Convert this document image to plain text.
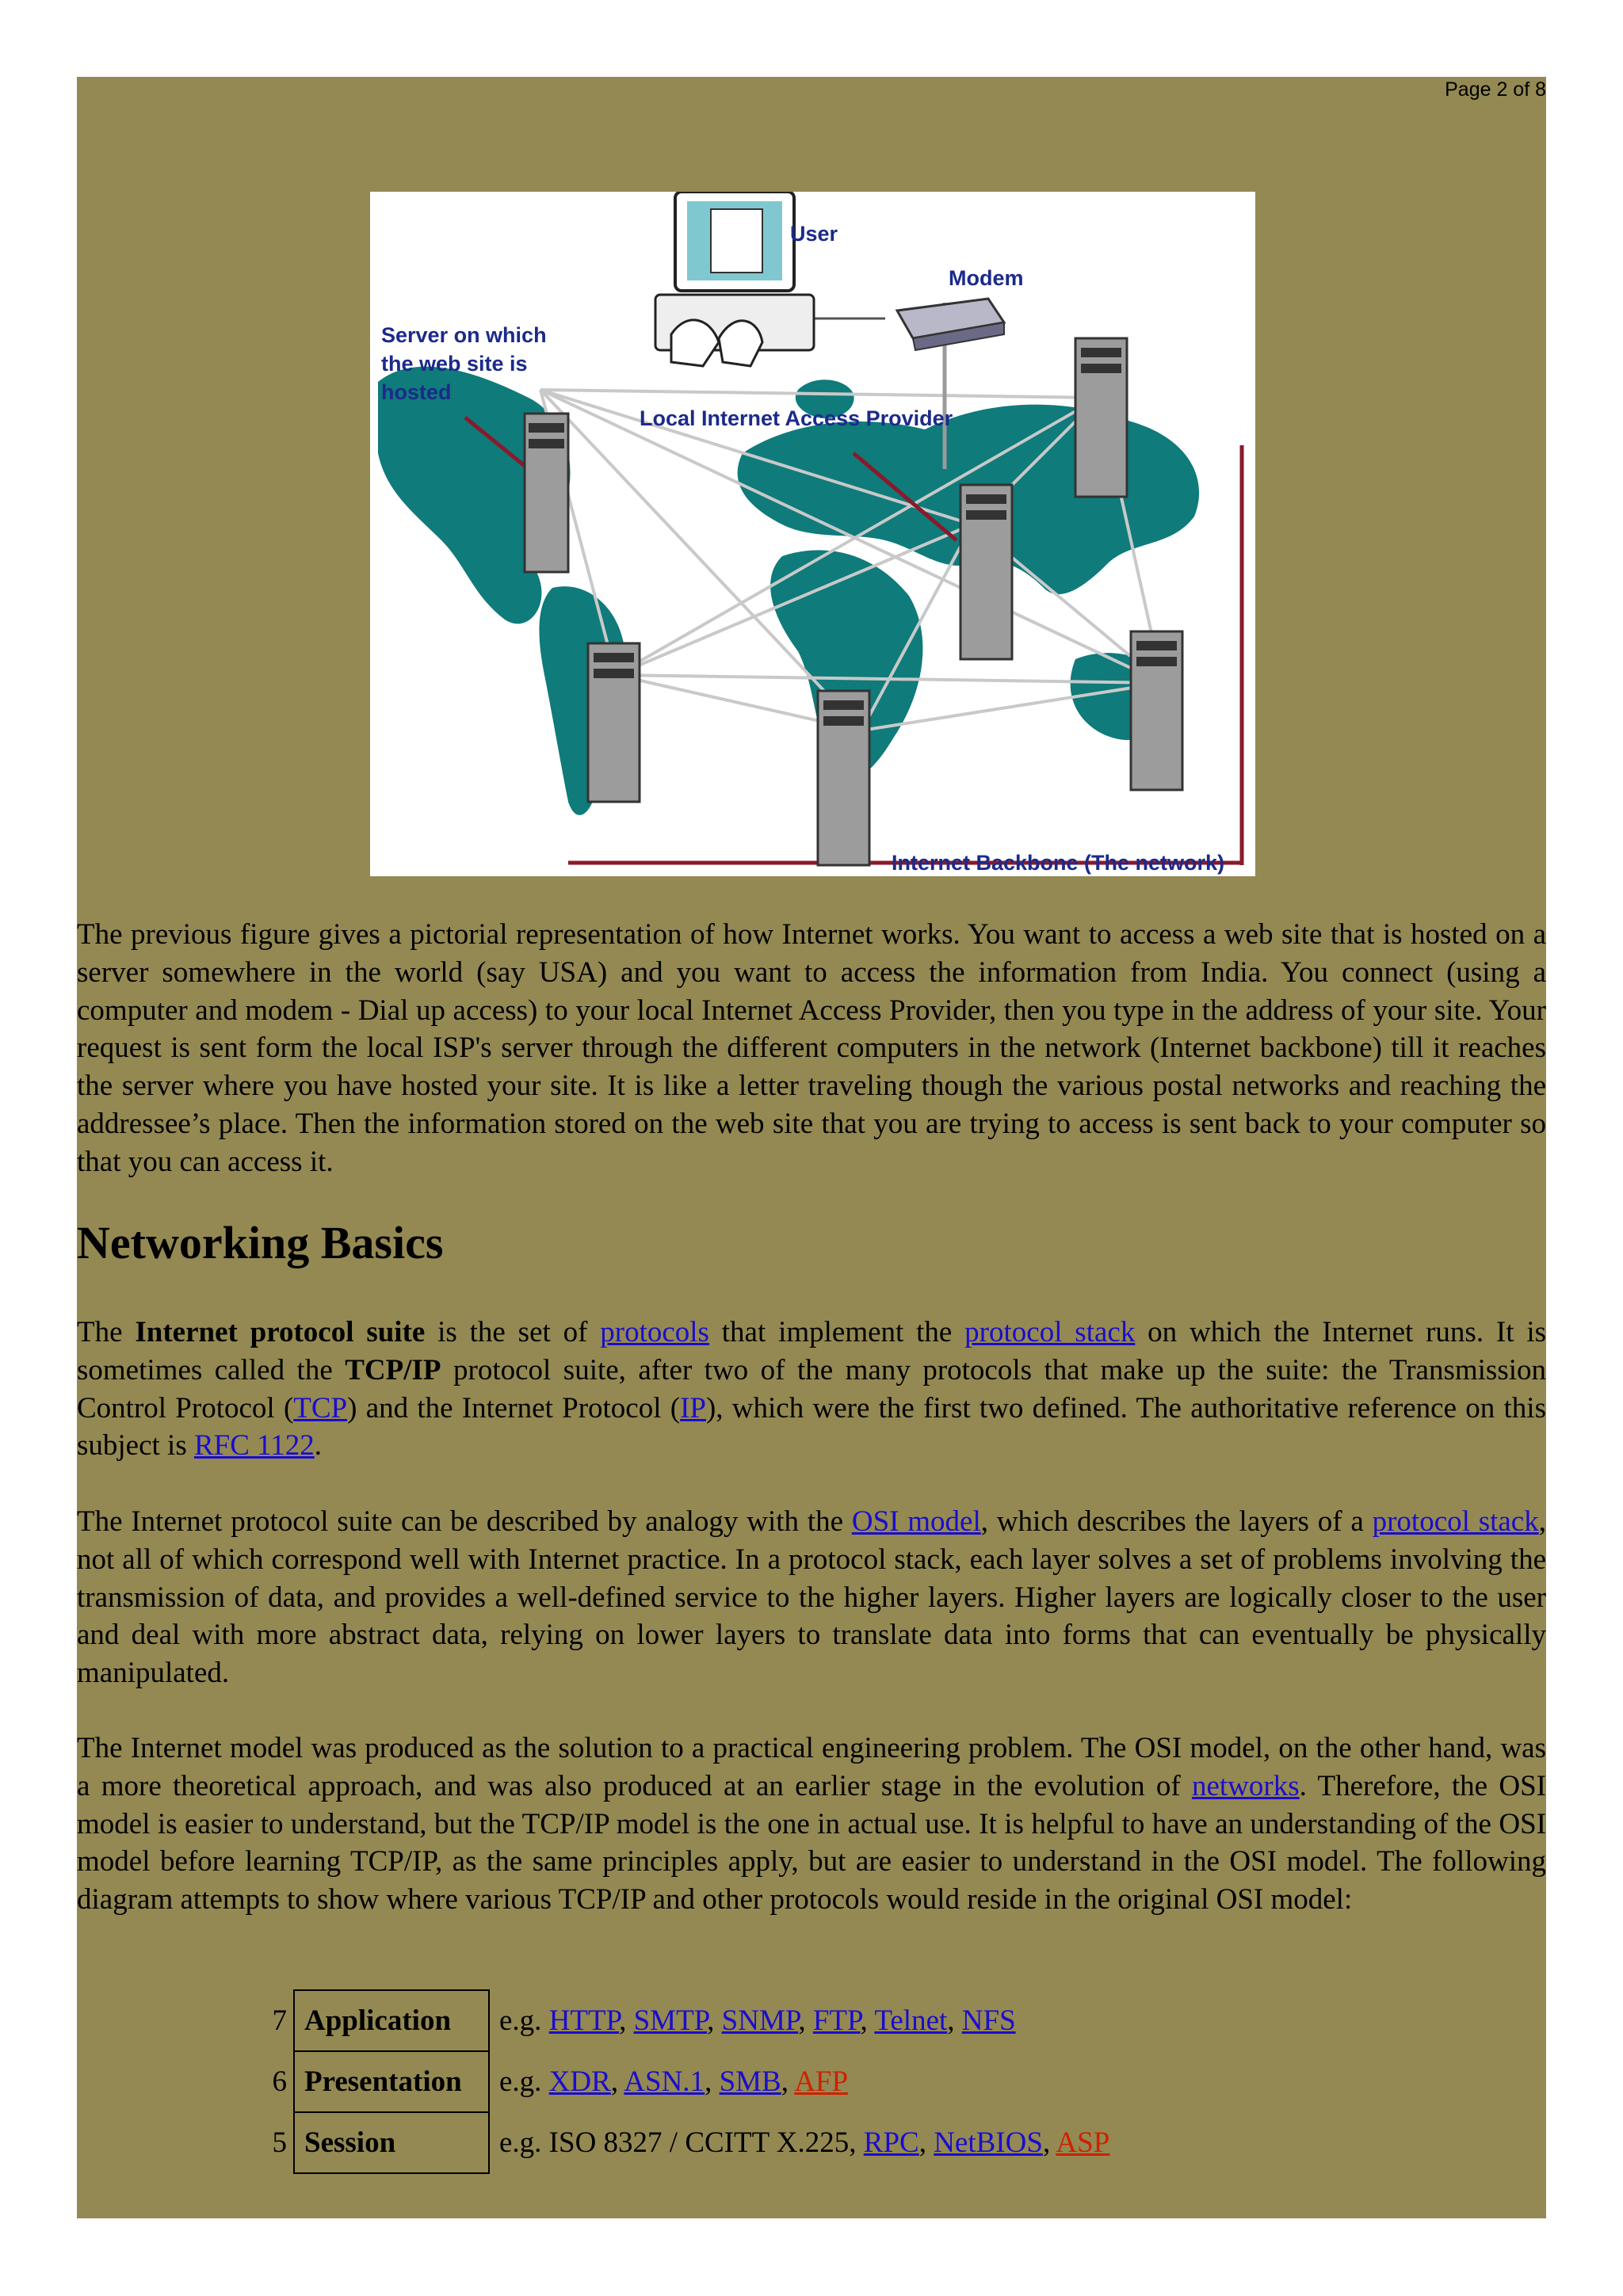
Page 2 of 8
User
Modem
Server on which
the web site is
hosted
Local Internet Access Provider
Internet Backbone (The network)

The previous figure gives a pictorial representation of how Internet works. You want to access a web site that is hosted on a server somewhere in the world (say USA) and you want to access the information from India. You connect (using a computer and modem - Dial up access) to your local Internet Access Provider, then you type in the address of your site. Your request is sent form the local ISP's server through the different computers in the network (Internet backbone) till it reaches the server where you have hosted your site. It is like a letter traveling though the various postal networks and reaching the addressee’s place. Then the information stored on the web site that you are trying to access is sent back to your computer so that you can access it.

Networking Basics

The Internet protocol suite is the set of protocols that implement the protocol stack on which the Internet runs. It is sometimes called the TCP/IP protocol suite, after two of the many protocols that make up the suite: the Transmission Control Protocol (TCP) and the Internet Protocol (IP), which were the first two defined. The authoritative reference on this subject is RFC 1122.

The Internet protocol suite can be described by analogy with the OSI model, which describes the layers of a protocol stack, not all of which correspond well with Internet practice. In a protocol stack, each layer solves a set of problems involving the transmission of data, and provides a well-defined service to the higher layers. Higher layers are logically closer to the user and deal with more abstract data, relying on lower layers to translate data into forms that can eventually be physically manipulated.

The Internet model was produced as the solution to a practical engineering problem. The OSI model, on the other hand, was a more theoretical approach, and was also produced at an earlier stage in the evolution of networks. Therefore, the OSI model is easier to understand, but the TCP/IP model is the one in actual use. It is helpful to have an understanding of the OSI model before learning TCP/IP, as the same principles apply, but are easier to understand in the OSI model. The following diagram attempts to show where various TCP/IP and other protocols would reside in the original OSI model:

7	Application	e.g. HTTP, SMTP, SNMP, FTP, Telnet, NFS
6	Presentation	e.g. XDR, ASN.1, SMB, AFP
5	Session	e.g. ISO 8327 / CCITT X.225, RPC, NetBIOS, ASP
